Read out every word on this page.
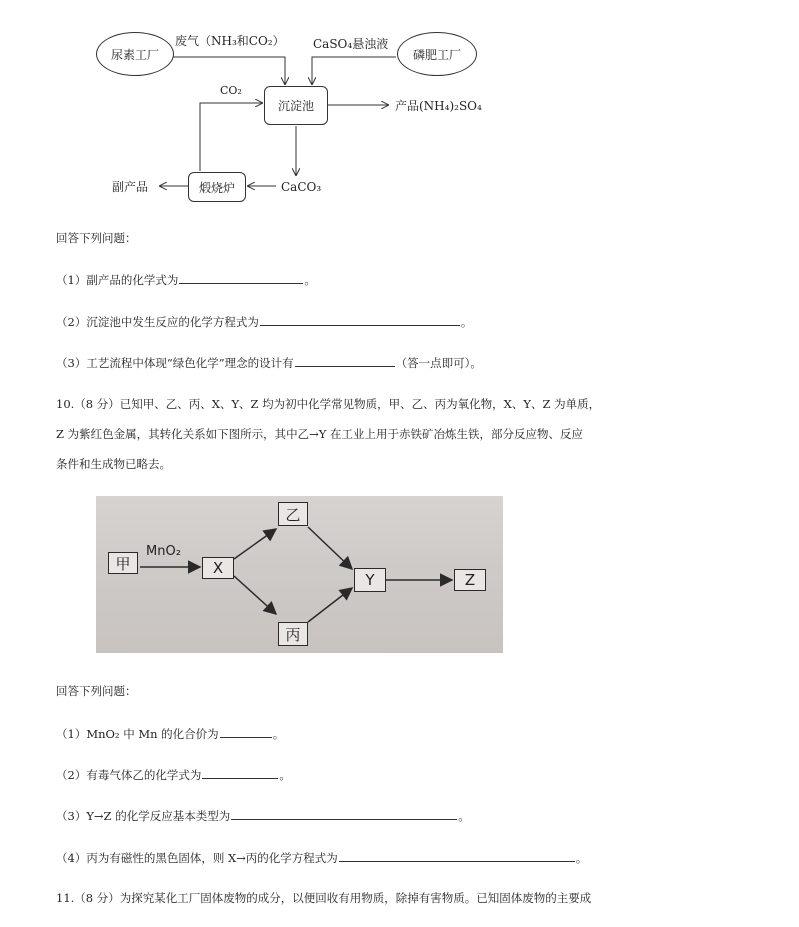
尿素工厂	磷肥工厂
沉淀池
煅烧炉
废气（NH₃和CO₂） CaSO₄悬浊液
CO₂
产品(NH₄)₂SO₄
副产品	CaCO₃
回答下列问题：
（1）副产品的化学式为	。
（2）沉淀池中发生反应的化学方程式为	。
（3）工艺流程中体现“绿色化学”理念的设计有	（答一点即可）。
10.（8 分）已知甲、乙、丙、X、Y、Z 均为初中化学常见物质，甲、乙、丙为氧化物，X、Y、Z 为单质，
Z 为紫红色金属，其转化关系如下图所示，其中乙→Y 在工业上用于赤铁矿冶炼生铁，部分反应物、反应
条件和生成物已略去。
甲
MnO₂
X
乙
丙
Y	Z
回答下列问题：
（1）MnO₂ 中 Mn 的化合价为	。
（2）有毒气体乙的化学式为	。
（3）Y→Z 的化学反应基本类型为	。
（4）丙为有磁性的黑色固体，则 X→丙的化学方程式为	。
11.（8 分）为探究某化工厂固体废物的成分，以便回收有用物质，除掉有害物质。已知固体废物的主要成
